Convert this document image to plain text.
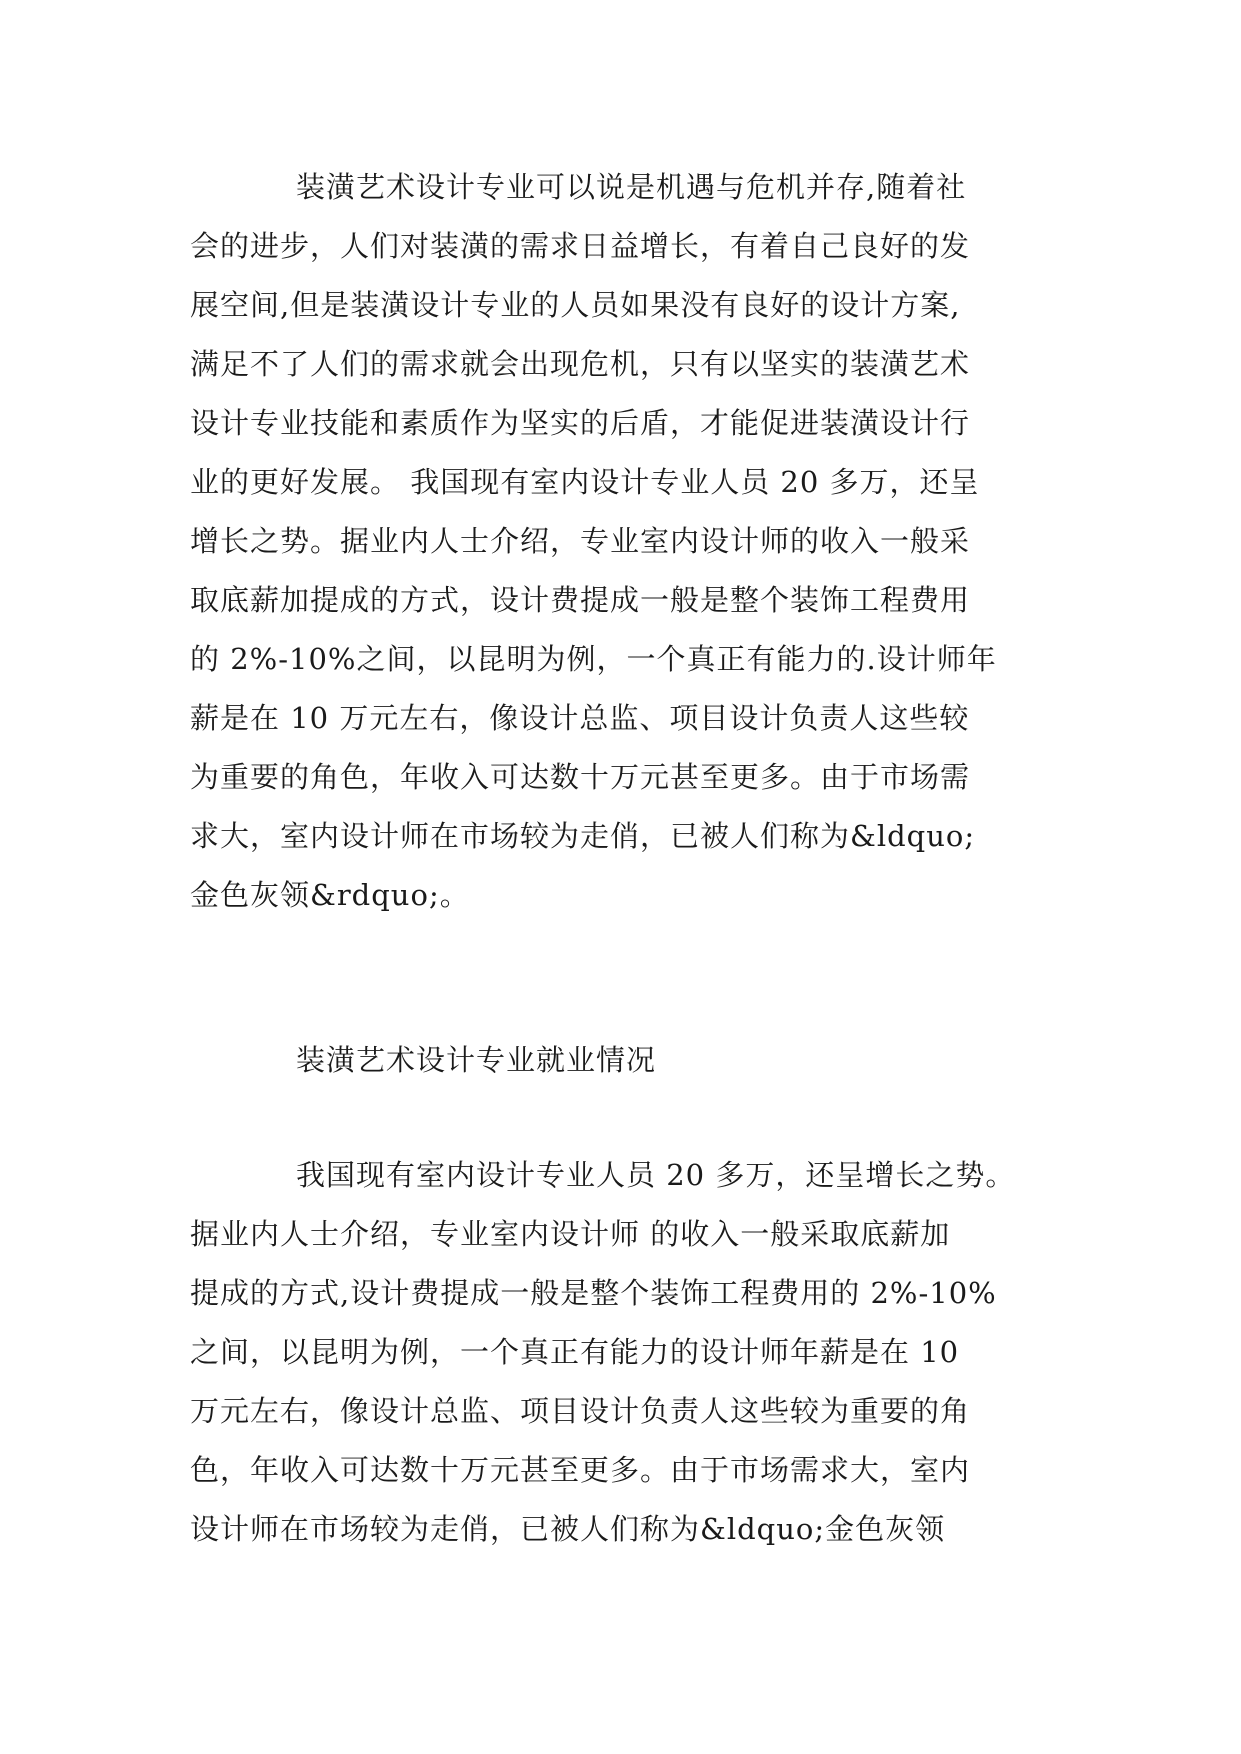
装潢艺术设计专业可以说是机遇与危机并存,随着社
会的进步，人们对装潢的需求日益增长，有着自己良好的发
展空间,但是装潢设计专业的人员如果没有良好的设计方案,
满足不了人们的需求就会出现危机，只有以坚实的装潢艺术
设计专业技能和素质作为坚实的后盾，才能促进装潢设计行
业的更好发展。 我国现有室内设计专业人员 20 多万，还呈
增长之势。据业内人士介绍，专业室内设计师的收入一般采
取底薪加提成的方式，设计费提成一般是整个装饰工程费用
的 2%-10%之间，以昆明为例，一个真正有能力的.设计师年
薪是在 10 万元左右，像设计总监、项目设计负责人这些较
为重要的角色，年收入可达数十万元甚至更多。由于市场需
求大，室内设计师在市场较为走俏，已被人们称为&ldquo;
金色灰领&rdquo;。
装潢艺术设计专业就业情况
我国现有室内设计专业人员 20 多万，还呈增长之势。
据业内人士介绍，专业室内设计师 的收入一般采取底薪加
提成的方式,设计费提成一般是整个装饰工程费用的 2%-10%
之间，以昆明为例，一个真正有能力的设计师年薪是在 10
万元左右，像设计总监、项目设计负责人这些较为重要的角
色，年收入可达数十万元甚至更多。由于市场需求大，室内
设计师在市场较为走俏，已被人们称为&ldquo;金色灰领
